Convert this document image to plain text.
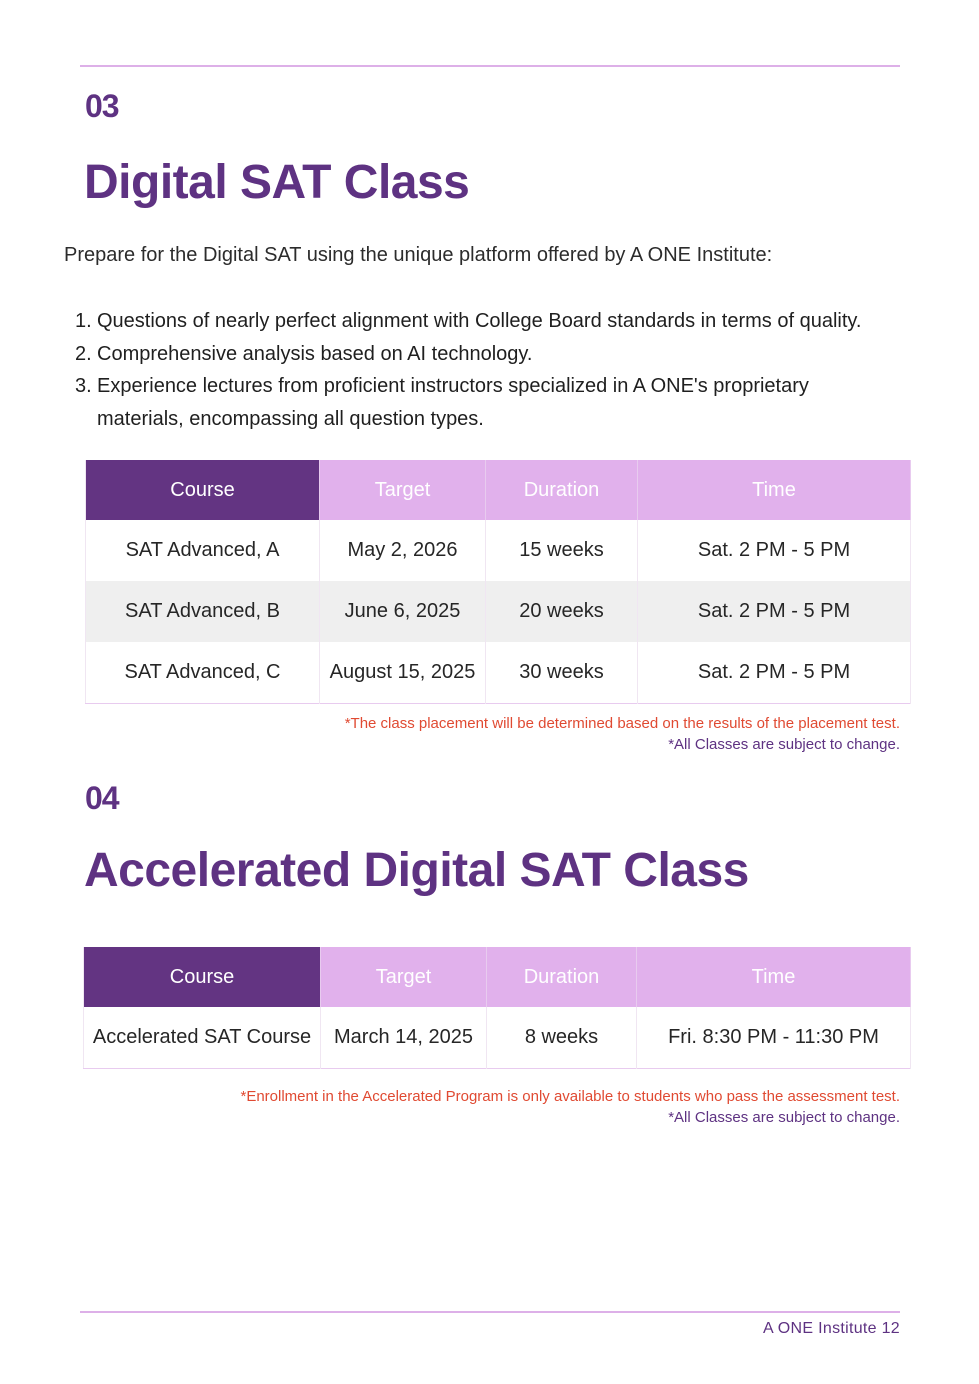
03

Digital SAT Class

Prepare for the Digital SAT using the unique platform offered by A ONE Institute:

1. Questions of nearly perfect alignment with College Board standards in terms of quality.
2. Comprehensive analysis based on AI technology.
3. Experience lectures from proficient instructors specialized in A ONE's proprietary materials, encompassing all question types.
Course	Target	Duration	Time
SAT Advanced, A	May 2, 2026	15 weeks	Sat. 2 PM - 5 PM
SAT Advanced, B	June 6, 2025	20 weeks	Sat. 2 PM - 5 PM
SAT Advanced, C	August 15, 2025	30 weeks	Sat. 2 PM - 5 PM

*The class placement will be determined based on the results of the placement test.

*All Classes are subject to change.

04

Accelerated Digital SAT Class
Course	Target	Duration	Time
Accelerated SAT Course	March 14, 2025	8 weeks	Fri. 8:30 PM - 11:30 PM

*Enrollment in the Accelerated Program is only available to students who pass the assessment test.

*All Classes are subject to change.

A ONE Institute 12
